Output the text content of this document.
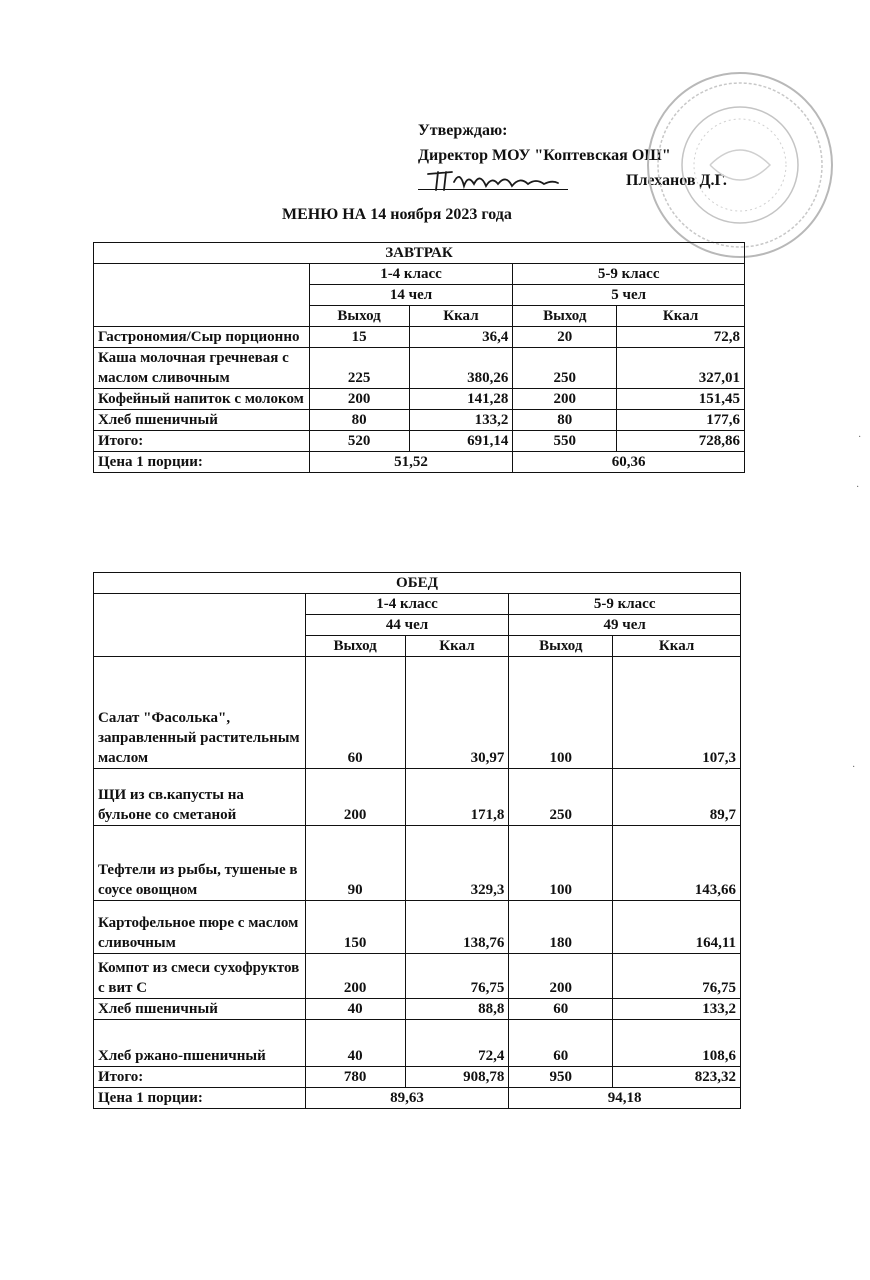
Утверждаю:
Директор МОУ "Коптевская ОШ"
Плеханов Д.Г.
МЕНЮ НА 14 ноября 2023 года
ЗАВТРАК				
	1-4 класс		5-9 класс	
	14 чел		5 чел	
	Выход	Ккал	Выход	Ккал
Гастрономия/Сыр порционно	15	36,4	20	72,8
Каша молочная гречневая с маслом сливочным	225	380,26	250	327,01
Кофейный напиток с молоком	200	141,28	200	151,45
Хлеб пшеничный	80	133,2	80	177,6
Итого:	520	691,14	550	728,86
Цена 1 порции:	51,52		60,36	
ОБЕД				
	1-4 класс		5-9 класс	
	44 чел		49 чел	
	Выход	Ккал	Выход	Ккал
Салат "Фасолька", заправленный растительным маслом	60	30,97	100	107,3
ЩИ из св.капусты на бульоне со сметаной	200	171,8	250	89,7
Тефтели из рыбы, тушеные в соусе овощном	90	329,3	100	143,66
Картофельное пюре с маслом сливочным	150	138,76	180	164,11
Компот из смеси сухофруктов с вит С	200	76,75	200	76,75
Хлеб пшеничный	40	88,8	60	133,2
Хлеб ржано-пшеничный	40	72,4	60	108,6
Итого:	780	908,78	950	823,32
Цена 1 порции:	89,63		94,18	
·
·
·
